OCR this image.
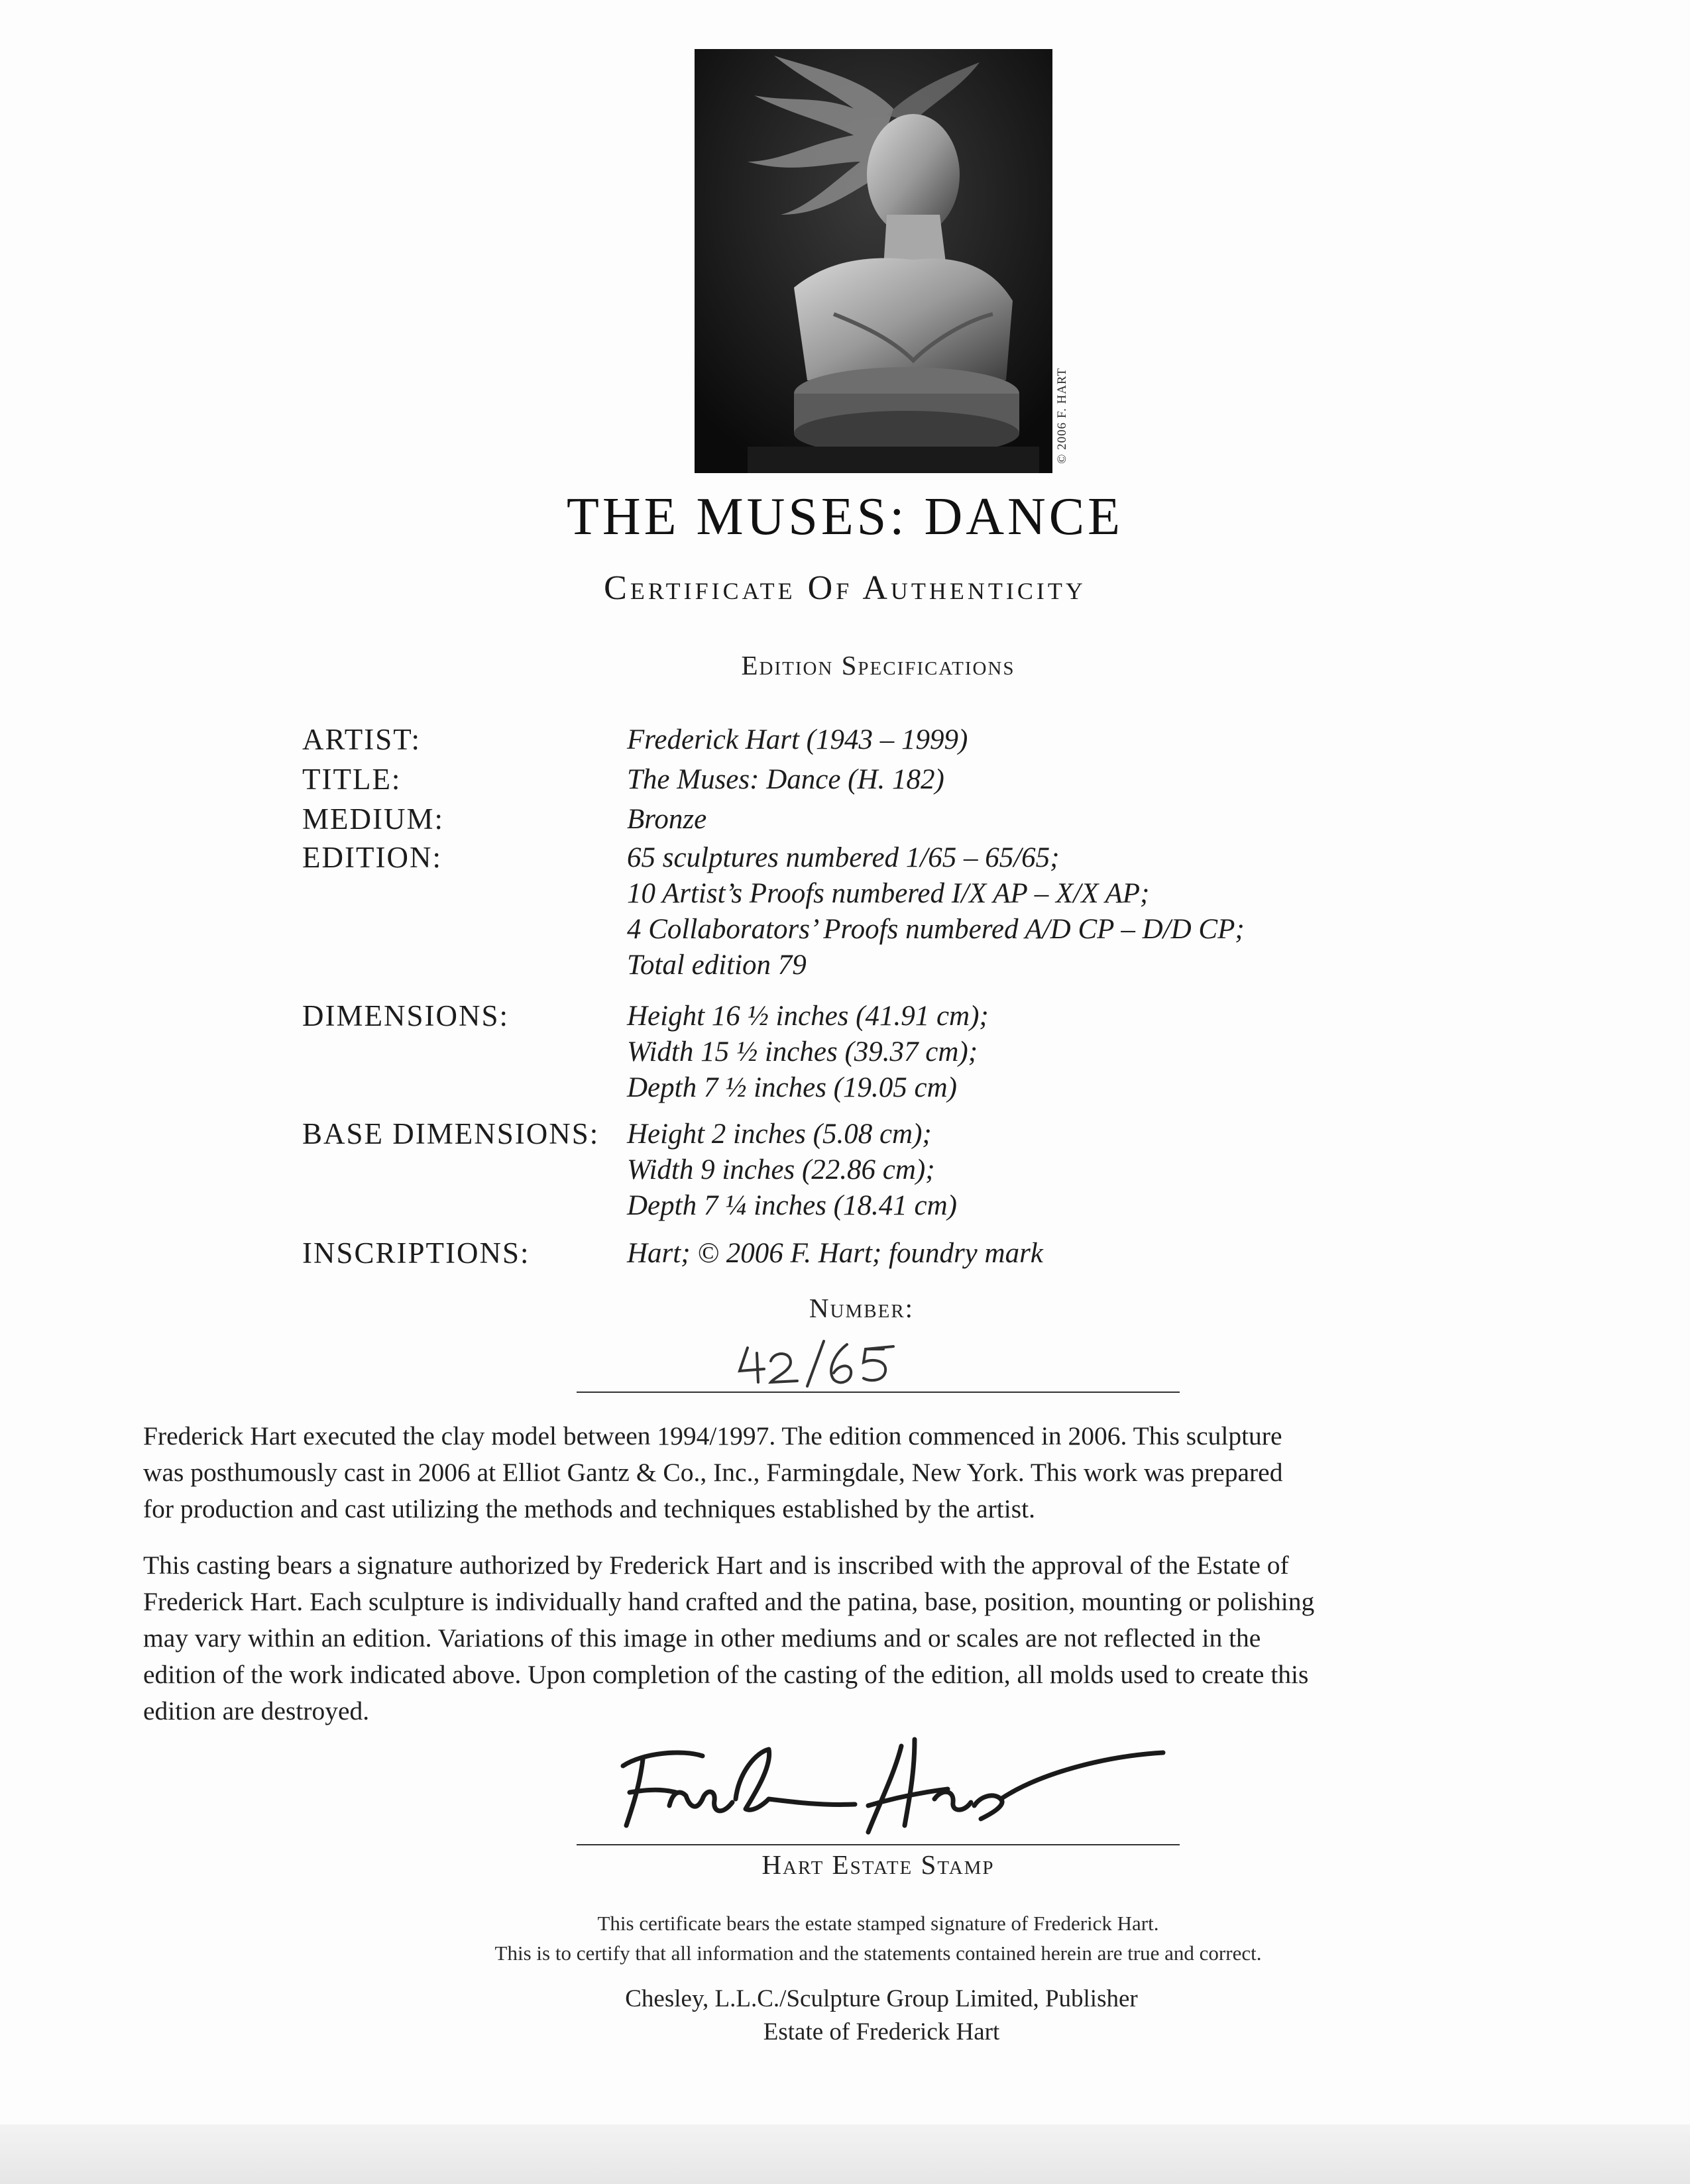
© 2006 F. HART
THE MUSES: DANCE
Certificate Of Authenticity
Edition Specifications
ARTIST:	Frederick Hart (1943 – 1999)
TITLE:	The Muses: Dance (H. 182)
MEDIUM:	Bronze
EDITION:	65 sculptures numbered 1/65 – 65/65;
10 Artist’s Proofs numbered I/X AP – X/X AP;
4 Collaborators’ Proofs numbered A/D CP – D/D CP;
Total edition 79
DIMENSIONS:	Height 16 ½ inches (41.91 cm);
Width 15 ½ inches (39.37 cm);
Depth 7 ½ inches (19.05 cm)
BASE DIMENSIONS: Height 2 inches (5.08 cm);
Width 9 inches (22.86 cm);
Depth 7 ¼ inches (18.41 cm)
INSCRIPTIONS:	Hart; © 2006 F. Hart; foundry mark
Number:
Frederick Hart executed the clay model between 1994/1997. The edition commenced in 2006. This sculpture
was posthumously cast in 2006 at Elliot Gantz & Co., Inc., Farmingdale, New York. This work was prepared
for production and cast utilizing the methods and techniques established by the artist.
This casting bears a signature authorized by Frederick Hart and is inscribed with the approval of the Estate of
Frederick Hart. Each sculpture is individually hand crafted and the patina, base, position, mounting or polishing
may vary within an edition. Variations of this image in other mediums and or scales are not reflected in the
edition of the work indicated above. Upon completion of the casting of the edition, all molds used to create this
edition are destroyed.
Hart Estate Stamp
This certificate bears the estate stamped signature of Frederick Hart.
This is to certify that all information and the statements contained herein are true and correct.
Chesley, L.L.C./Sculpture Group Limited, Publisher
Estate of Frederick Hart
